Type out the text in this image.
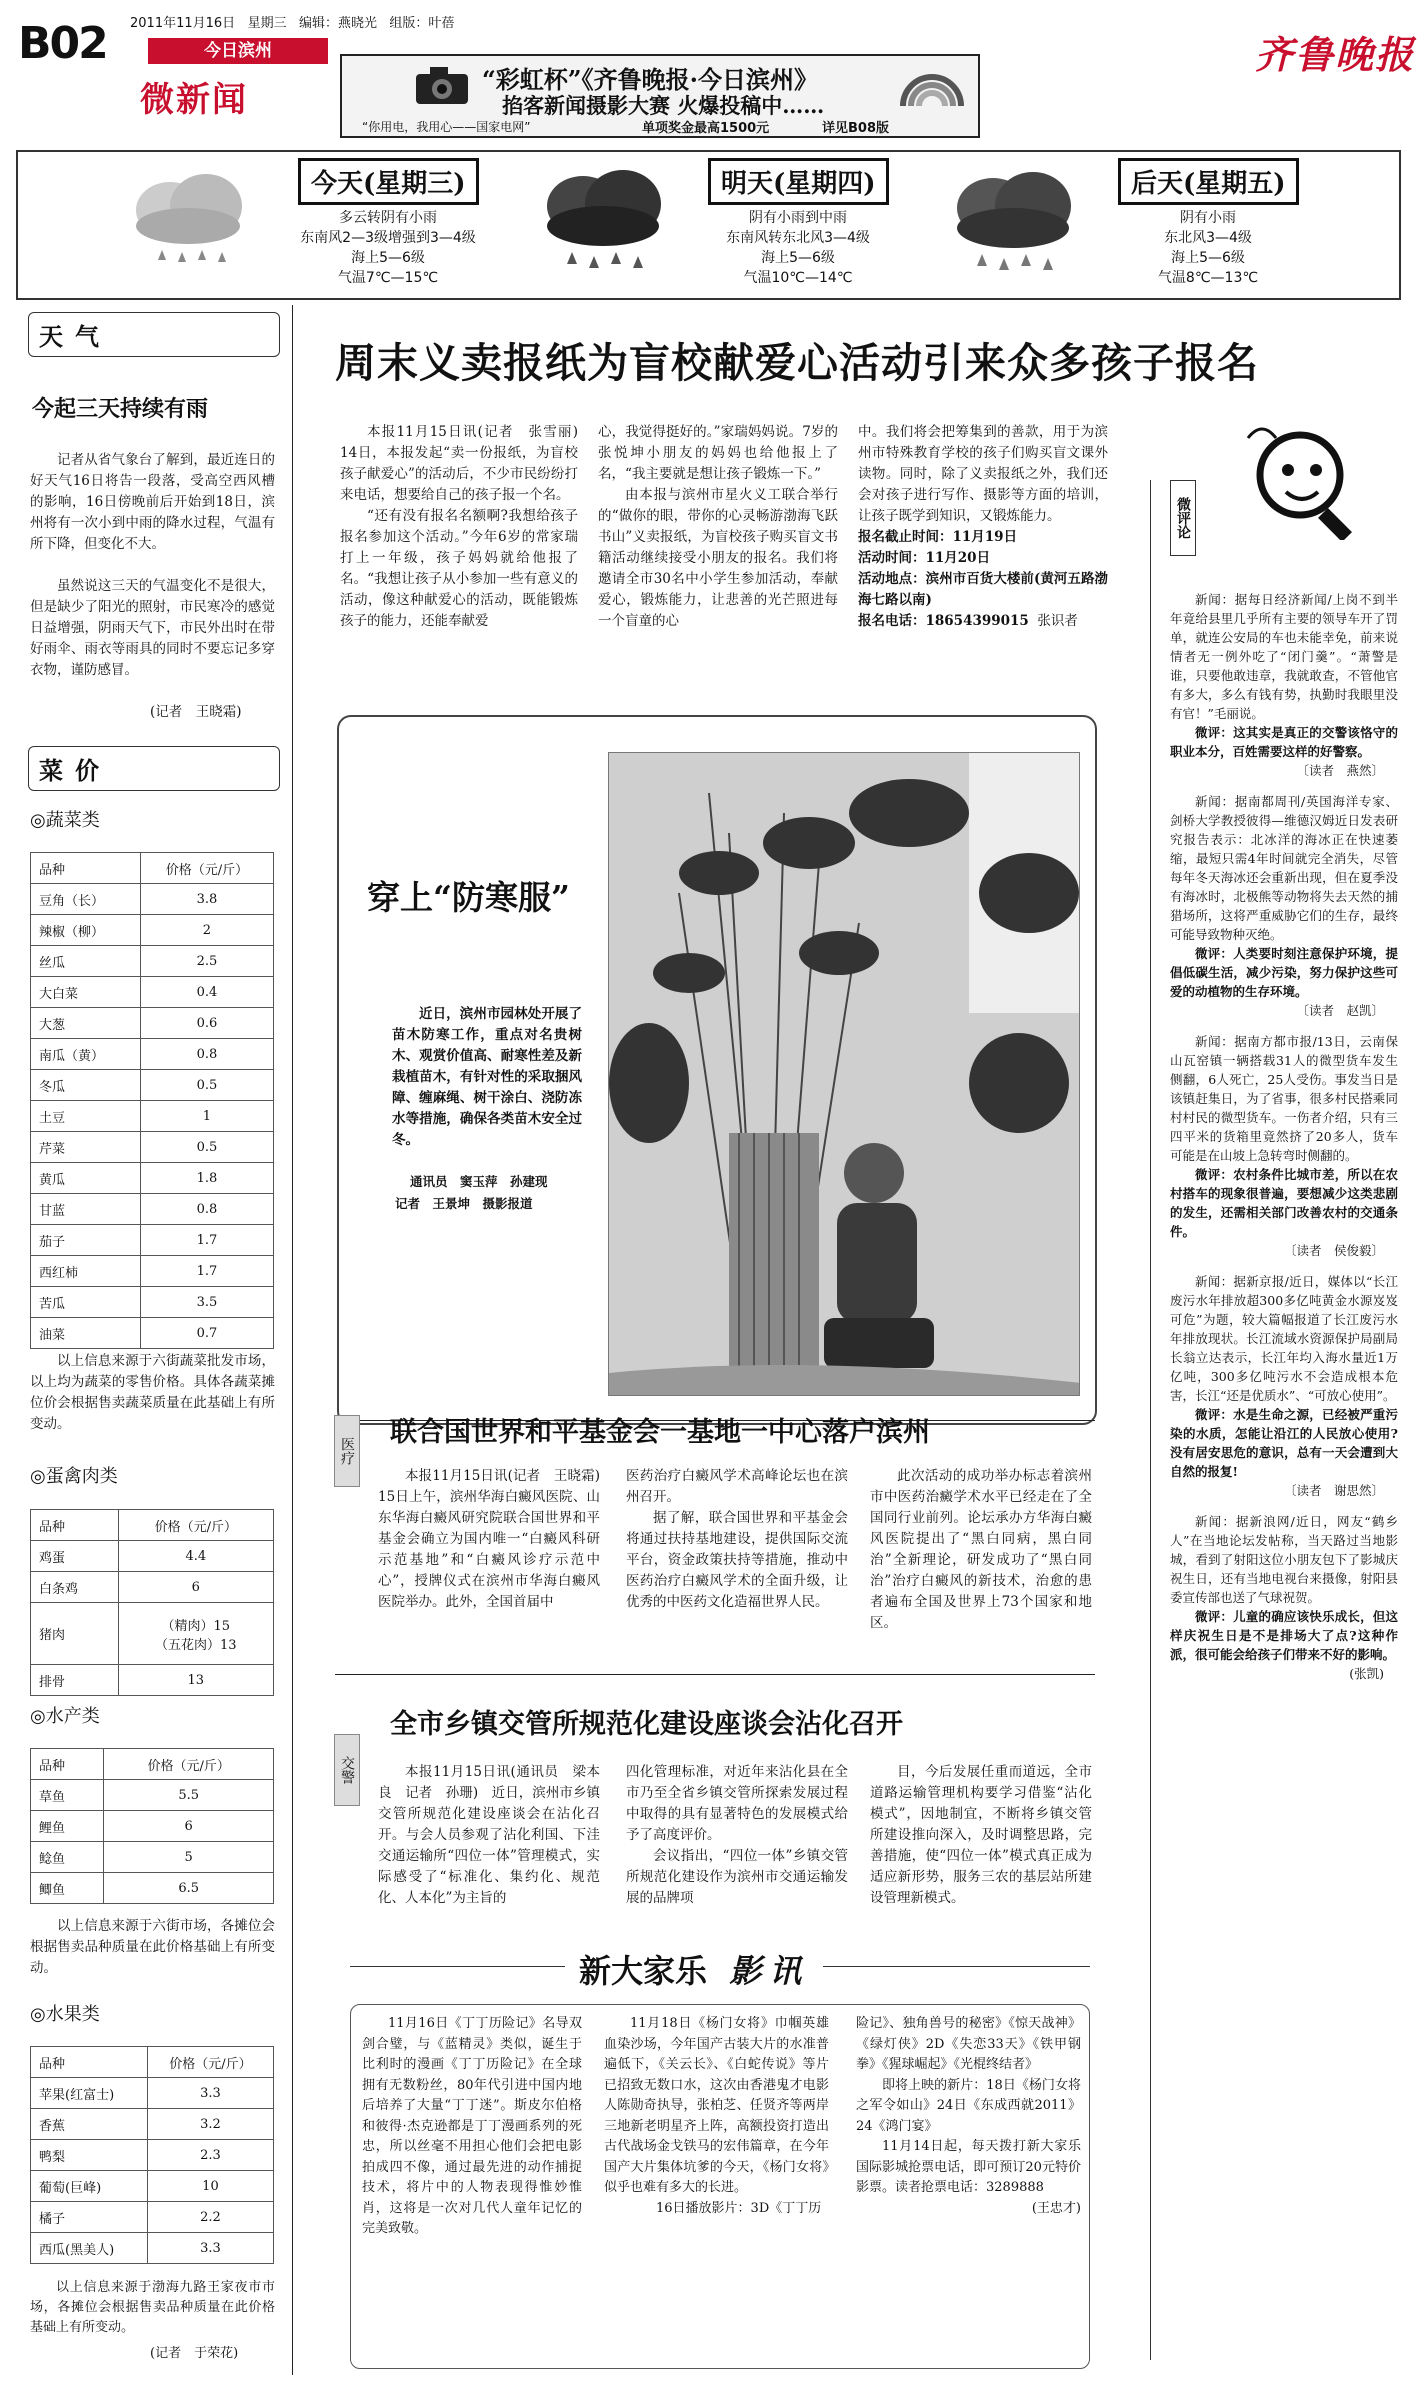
B02 2011年11月16日 星期三 编辑：燕晓光 组版：叶蓓
今日滨州
微新闻
“彩虹杯”《齐鲁晚报·今日滨州》
掐客新闻摄影大赛 火爆投稿中……
“你用电，我用心——国家电网”	单项奖金最高1500元	详见B08版
齐鲁晚报
今天(星期三)
多云转阴有小雨
东南风2—3级增强到3—4级
海上5—6级
气温7℃—15℃
明天(星期四)
阴有小雨到中雨
东南风转东北风3—4级
海上5—6级
气温10℃—14℃
后天(星期五)
阴有小雨
东北风3—4级
海上5—6级
气温8℃—13℃
天气
今起三天持续有雨
记者从省气象台了解到，最近连日的好天气16日将告一段落，受高空西风槽的影响，16日傍晚前后开始到18日，滨州将有一次小到中雨的降水过程，气温有所下降，但变化不大。
虽然说这三天的气温变化不是很大，但是缺少了阳光的照射，市民寒冷的感觉日益增强，阴雨天气下，市民外出时在带好雨伞、雨衣等雨具的同时不要忘记多穿衣物，谨防感冒。
(记者　王晓霜)
菜价
◎蔬菜类
品种	价格（元/斤）
豆角（长）	3.8
辣椒（柳）	2
丝瓜	2.5
大白菜	0.4
大葱	0.6
南瓜（黄）	0.8
冬瓜	0.5
土豆	1
芹菜	0.5
黄瓜	1.8
甘蓝	0.8
茄子	1.7
西红柿	1.7
苦瓜	3.5
油菜	0.7
以上信息来源于六街蔬菜批发市场，以上均为蔬菜的零售价格。具体各蔬菜摊位价会根据售卖蔬菜质量在此基础上有所变动。
◎蛋禽肉类
品种	价格（元/斤）
鸡蛋	4.4
白条鸡	6
猪肉	（精肉）15
（五花肉）13

排骨	13
◎水产类
品种	价格（元/斤）
草鱼	5.5
鲤鱼	6
鲶鱼	5
鲫鱼	6.5
以上信息来源于六街市场，各摊位会根据售卖品种质量在此价格基础上有所变动。
◎水果类
品种	价格（元/斤）
苹果(红富士)	3.3
香蕉	3.2
鸭梨	2.3
葡萄(巨峰)	10
橘子	2.2
西瓜(黑美人)	3.3
以上信息来源于渤海九路王家夜市市场，各摊位会根据售卖品种质量在此价格基础上有所变动。
(记者　于荣花)
周末义卖报纸为盲校献爱心活动引来众多孩子报名
本报11月15日讯(记者　张雪丽)　14日，本报发起“卖一份报纸，为盲校孩子献爱心”的活动后，不少市民纷纷打来电话，想要给自己的孩子报一个名。
“还有没有报名名额啊?我想给孩子报名参加这个活动。”今年6岁的常家瑞打上一年级，孩子妈妈就给他报了名。“我想让孩子从小参加一些有意义的活动，像这种献爱心的活动，既能锻炼孩子的能力，还能奉献爱
心，我觉得挺好的。”家瑞妈妈说。7岁的张悦坤小朋友的妈妈也给他报上了名，“我主要就是想让孩子锻炼一下。”
由本报与滨州市星火义工联合举行的“做你的眼，带你的心灵畅游渤海飞跃书山”义卖报纸，为盲校孩子购买盲文书籍活动继续接受小朋友的报名。我们将邀请全市30名中小学生参加活动，奉献爱心，锻炼能力，让悲善的光芒照进每一个盲童的心
中。我们将会把筹集到的善款，用于为滨州市特殊教育学校的孩子们购买盲文课外读物。同时，除了义卖报纸之外，我们还会对孩子进行写作、摄影等方面的培训，让孩子既学到知识，又锻炼能力。
报名截止时间：11月19日
活动时间：11月20日
活动地点：滨州市百货大楼前(黄河五路渤海七路以南)
报名电话：18654399015 张识者
穿上“防寒服”
近日，滨州市园林处开展了苗木防寒工作，重点对名贵树木、观赏价值高、耐寒性差及新栽植苗木，有针对性的采取捆风障、缠麻绳、树干涂白、浇防冻水等措施，确保各类苗木安全过冬。
通讯员　窦玉萍　孙建现
记者　王景坤　摄影报道
医疗
联合国世界和平基金会一基地一中心落户滨州
本报11月15日讯(记者　王晓霜)　15日上午，滨州华海白癜风医院、山东华海白癜风研究院联合国世界和平基金会确立为国内唯一“白癜风科研示范基地”和“白癜风诊疗示范中心”，授牌仪式在滨州市华海白癜风医院举办。此外，全国首届中
医药治疗白癜风学术高峰论坛也在滨州召开。
据了解，联合国世界和平基金会将通过扶持基地建设，提供国际交流平台，资金政策扶持等措施，推动中医药治疗白癜风学术的全面升级，让优秀的中医药文化造福世界人民。
此次活动的成功举办标志着滨州市中医药治癜学术水平已经走在了全国同行业前列。论坛承办方华海白癜风医院提出了“黑白同病，黑白同治”全新理论，研发成功了“黑白同治”治疗白癜风的新技术，治愈的患者遍布全国及世界上73个国家和地区。
交警
全市乡镇交管所规范化建设座谈会沾化召开
本报11月15日讯(通讯员　梁本良　记者　孙珊)　近日，滨州市乡镇交管所规范化建设座谈会在沾化召开。与会人员参观了沾化利国、下洼交通运输所“四位一体”管理模式，实际感受了“标准化、集约化、规范化、人本化”为主旨的
四化管理标准，对近年来沾化县在全市乃至全省乡镇交管所探索发展过程中取得的具有显著特色的发展模式给予了高度评价。
会议指出，“四位一体”乡镇交管所规范化建设作为滨州市交通运输发展的品牌项
目，今后发展任重而道远，全市道路运输管理机构要学习借鉴“沾化模式”，因地制宜，不断将乡镇交管所建设推向深入，及时调整思路，完善措施，使“四位一体”模式真正成为适应新形势，服务三农的基层站所建设管理新模式。
新大家乐 影讯
11月16日《丁丁历险记》名导双剑合璧，与《蓝精灵》类似，诞生于比利时的漫画《丁丁历险记》在全球拥有无数粉丝，80年代引进中国内地后培养了大量“丁丁迷”。斯皮尔伯格和彼得·杰克逊都是丁丁漫画系列的死忠，所以丝毫不用担心他们会把电影拍成四不像，通过最先进的动作捕捉技术，将片中的人物表现得惟妙惟肖，这将是一次对几代人童年记忆的完美致敬。
11月18日《杨门女将》巾帼英雄血染沙场，今年国产古装大片的水准普遍低下，《关云长》、《白蛇传说》等片已招致无数口水，这次由香港鬼才电影人陈勋奇执导，张柏芝、任贤齐等两岸三地新老明星齐上阵，高额投资打造出古代战场金戈铁马的宏伟篇章，在今年国产大片集体坑爹的今天，《杨门女将》似乎也难有多大的长进。
16日播放影片：3D《丁丁历
险记》、独角兽号的秘密》《惊天战神》《绿灯侠》2D《失恋33天》《铁甲钢拳》《猩球崛起》《光棍终结者》
即将上映的新片：18日《杨门女将之军令如山》24日《东成西就2011》24《鸿门宴》
11月14日起，每天拨打新大家乐国际影城抢票电话，即可预订20元特价影票。读者抢票电话：3289888
(王忠才)
微评论
新闻：据每日经济新闻/上岗不到半年竟给县里几乎所有主要的领导车开了罚单，就连公安局的车也未能幸免，前来说情者无一例外吃了“闭门羹”。“萧警是谁，只要他敢违章，我就敢查，不管他官有多大，多么有钱有势，执勤时我眼里没有官！”毛丽说。
微评：这其实是真正的交警该恪守的职业本分，百姓需要这样的好警察。
〔读者　燕然〕
新闻：据南都周刊/英国海洋专家、剑桥大学教授彼得—维德汉姆近日发表研究报告表示：北冰洋的海冰正在快速萎缩，最短只需4年时间就完全消失，尽管每年冬天海冰还会重新出现，但在夏季没有海冰时，北极熊等动物将失去天然的捕猎场所，这将严重威胁它们的生存，最终可能导致物种灭绝。
微评：人类要时刻注意保护环境，提倡低碳生活，减少污染，努力保护这些可爱的动植物的生存环境。
〔读者　赵凯〕
新闻：据南方都市报/13日，云南保山瓦窑镇一辆搭载31人的微型货车发生侧翻，6人死亡，25人受伤。事发当日是该镇赶集日，为了省事，很多村民搭乘同村村民的微型货车。一伤者介绍，只有三四平米的货箱里竟然挤了20多人，货车可能是在山坡上急转弯时侧翻的。
微评：农村条件比城市差，所以在农村搭车的现象很普遍，要想减少这类悲剧的发生，还需相关部门改善农村的交通条件。
〔读者　侯俊毅〕
新闻：据新京报/近日，媒体以“长江废污水年排放超300多亿吨黄金水源岌岌可危”为题，较大篇幅报道了长江废污水年排放现状。长江流域水资源保护局副局长翁立达表示，长江年均入海水量近1万亿吨，300多亿吨污水不会造成根本危害，长江“还是优质水”、“可放心使用”。
微评：水是生命之源，已经被严重污染的水质，怎能让沿江的人民放心使用?没有居安思危的意识，总有一天会遭到大自然的报复!
〔读者　谢思然〕
新闻：据新浪网/近日，网友“鹤乡人”在当地论坛发帖称，当天路过当地影城，看到了射阳这位小朋友包下了影城庆祝生日，还有当地电视台来摄像，射阳县委宣传部也送了气球祝贺。
微评：儿童的确应该快乐成长，但这样庆祝生日是不是排场大了点?这种作派，很可能会给孩子们带来不好的影响。
(张凯)
